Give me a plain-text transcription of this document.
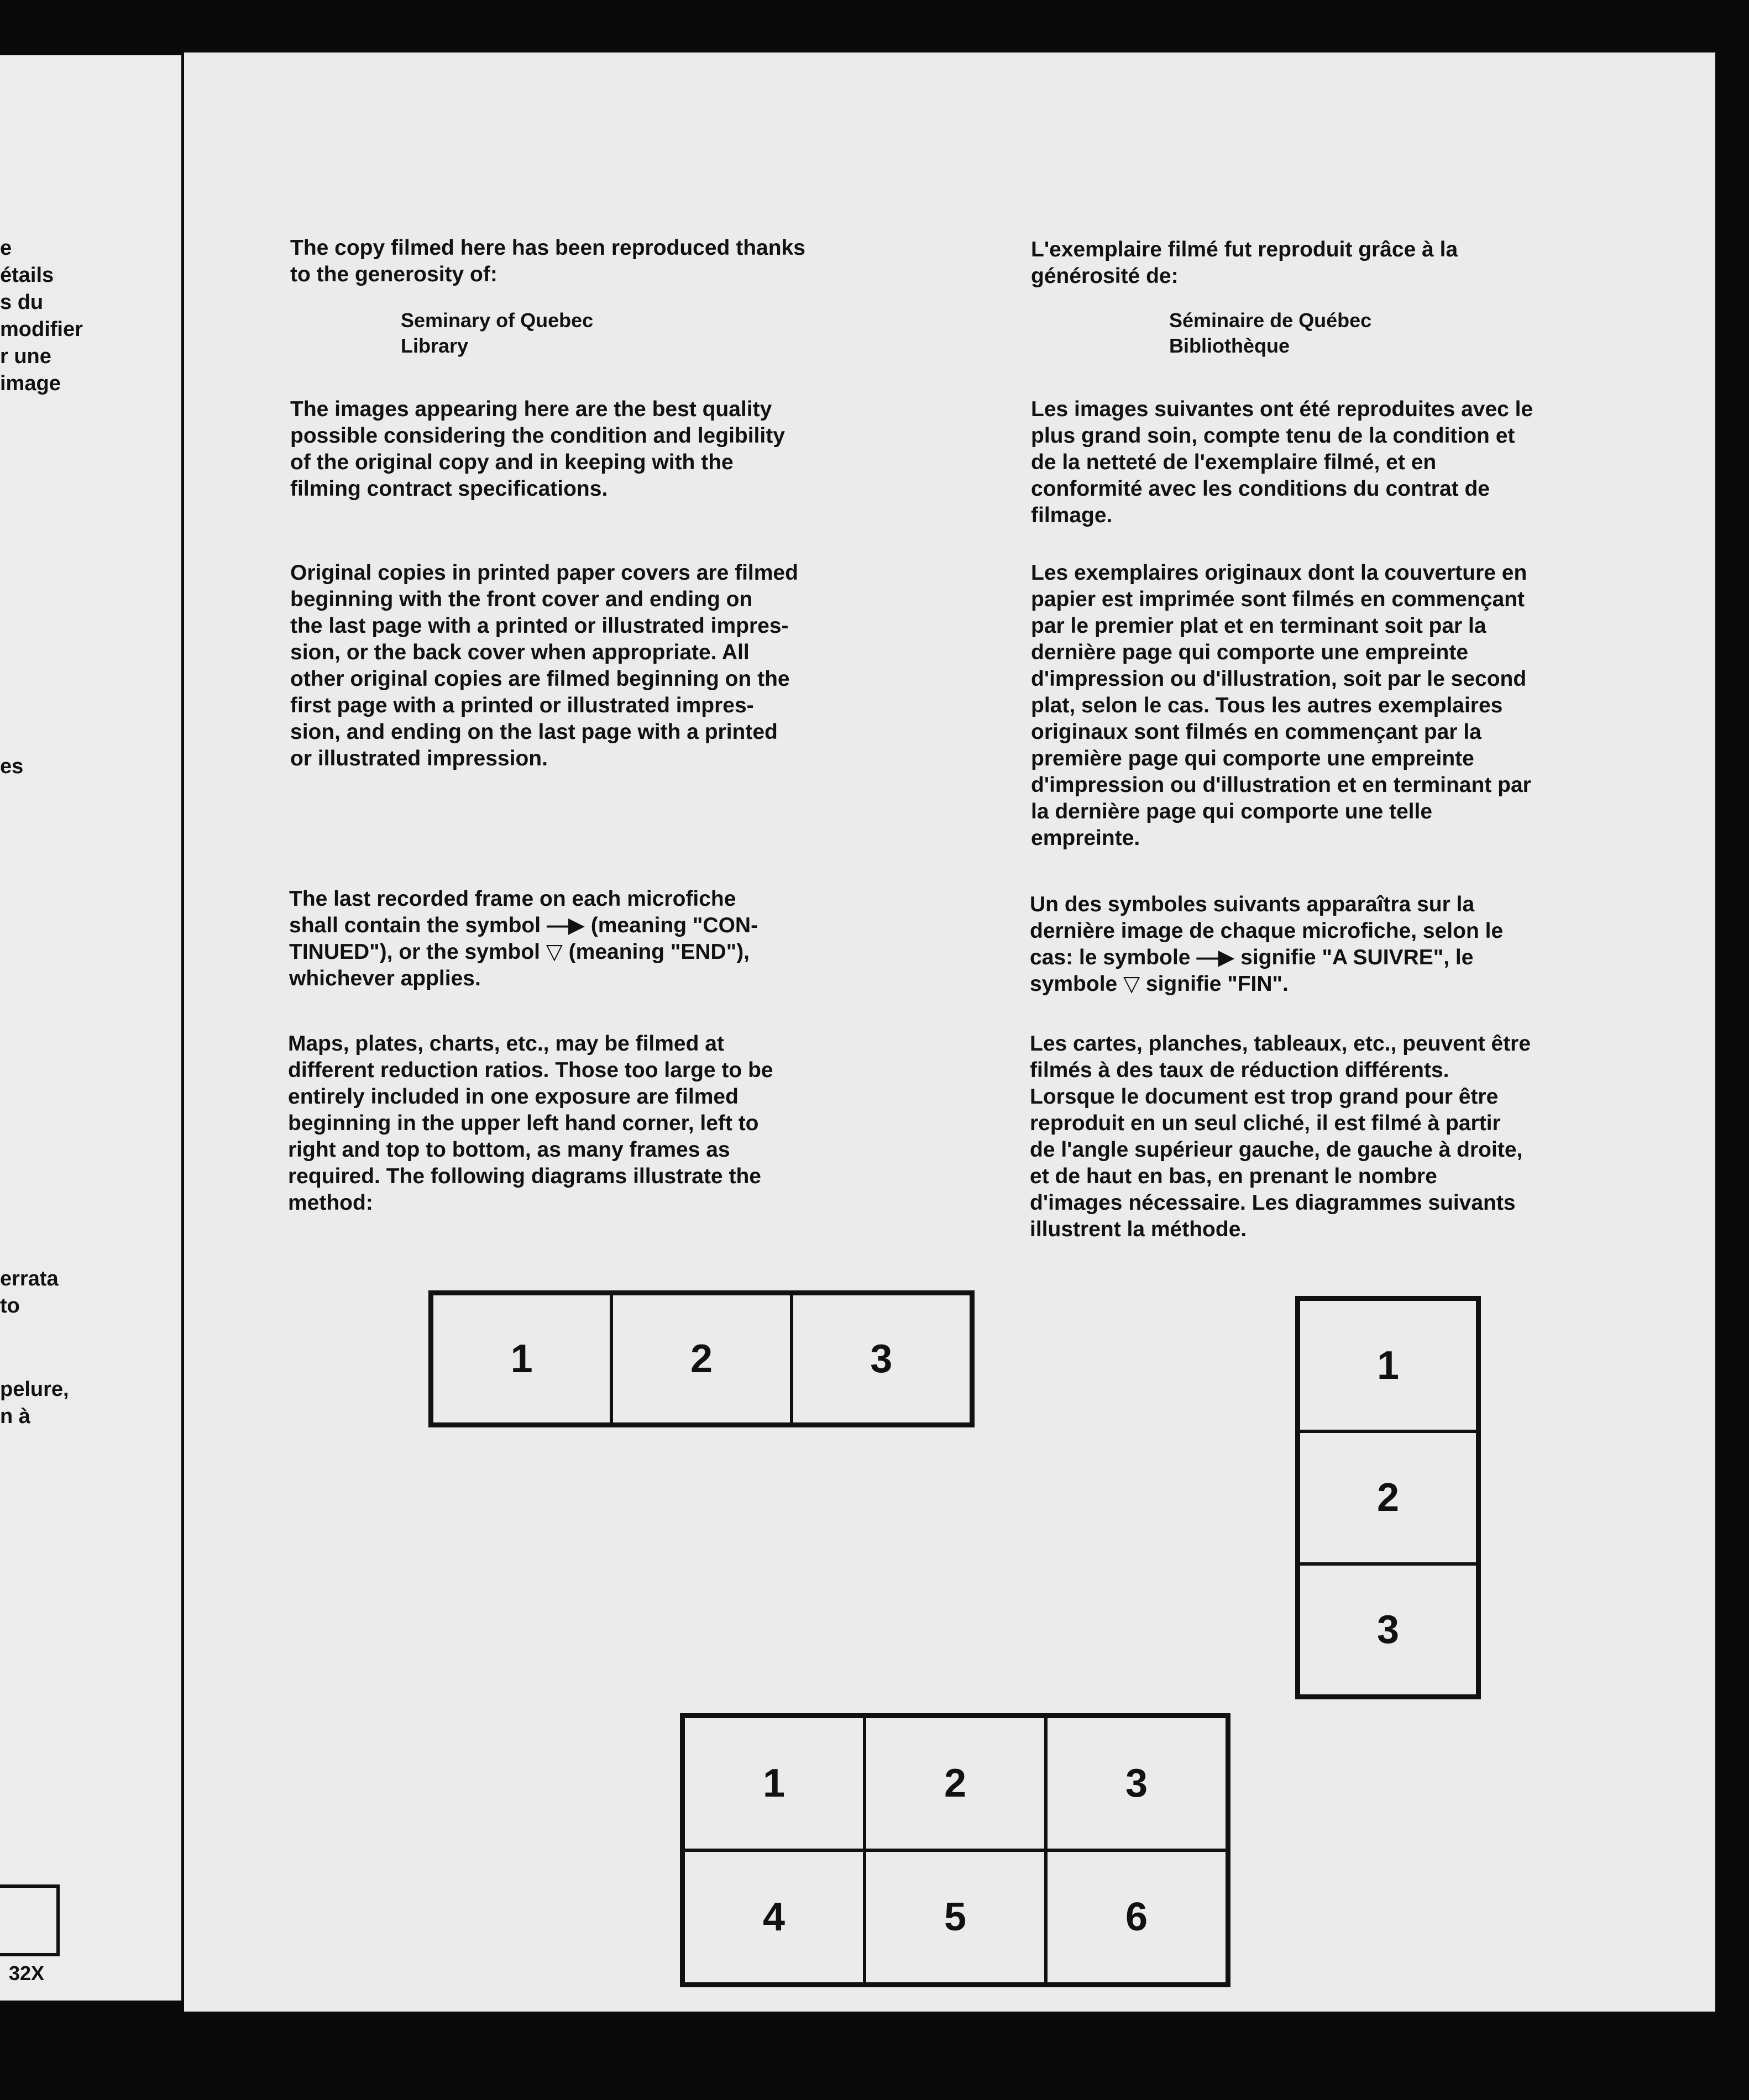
e
étails
s du
modifier
r une
image
es
errata
to
pelure,
n à
32X
The copy filmed here has been reproduced thanks
to the generosity of:
Seminary of Quebec
Library
The images appearing here are the best quality
possible considering the condition and legibility
of the original copy and in keeping with the
filming contract specifications.
Original copies in printed paper covers are filmed
beginning with the front cover and ending on
the last page with a printed or illustrated impres-
sion, or the back cover when appropriate. All
other original copies are filmed beginning on the
first page with a printed or illustrated impres-
sion, and ending on the last page with a printed
or illustrated impression.
The last recorded frame on each microfiche
shall contain the symbol —▶ (meaning "CON-
TINUED"), or the symbol ▽ (meaning "END"),
whichever applies.
Maps, plates, charts, etc., may be filmed at
different reduction ratios. Those too large to be
entirely included in one exposure are filmed
beginning in the upper left hand corner, left to
right and top to bottom, as many frames as
required. The following diagrams illustrate the
method:
L'exemplaire filmé fut reproduit grâce à la
générosité de:
Séminaire de Québec
Bibliothèque
Les images suivantes ont été reproduites avec le
plus grand soin, compte tenu de la condition et
de la netteté de l'exemplaire filmé, et en
conformité avec les conditions du contrat de
filmage.
Les exemplaires originaux dont la couverture en
papier est imprimée sont filmés en commençant
par le premier plat et en terminant soit par la
dernière page qui comporte une empreinte
d'impression ou d'illustration, soit par le second
plat, selon le cas. Tous les autres exemplaires
originaux sont filmés en commençant par la
première page qui comporte une empreinte
d'impression ou d'illustration et en terminant par
la dernière page qui comporte une telle
empreinte.
Un des symboles suivants apparaîtra sur la
dernière image de chaque microfiche, selon le
cas: le symbole —▶ signifie "A SUIVRE", le
symbole ▽ signifie "FIN".
Les cartes, planches, tableaux, etc., peuvent être
filmés à des taux de réduction différents.
Lorsque le document est trop grand pour être
reproduit en un seul cliché, il est filmé à partir
de l'angle supérieur gauche, de gauche à droite,
et de haut en bas, en prenant le nombre
d'images nécessaire. Les diagrammes suivants
illustrent la méthode.
1	2	3	1
2
3
1	2	3
4	5	6
